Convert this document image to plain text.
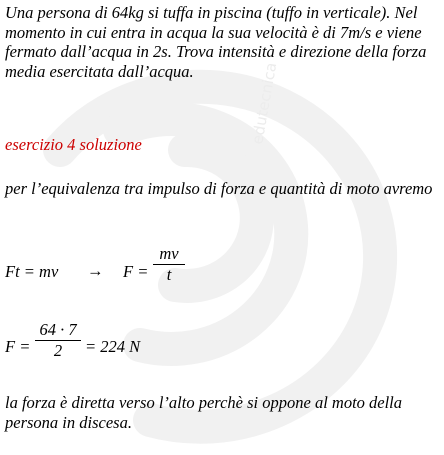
edutecnica

Una persona di 64kg si tuffa in piscina (tuffo in verticale). Nel momento in cui entra in acqua la sua velocità è di 7m/s e viene fermato dall’acqua in 2s. Trova intensità e direzione della forza media esercitata dall’acqua.

esercizio 4 soluzione

per l’equivalenza tra impulso di forza e quantità di moto avremo

Ft = mv → F =
mv
t
F =
64 · 7
2	= 224 N

la forza è diretta verso l’alto perchè si oppone al moto della persona in discesa.
